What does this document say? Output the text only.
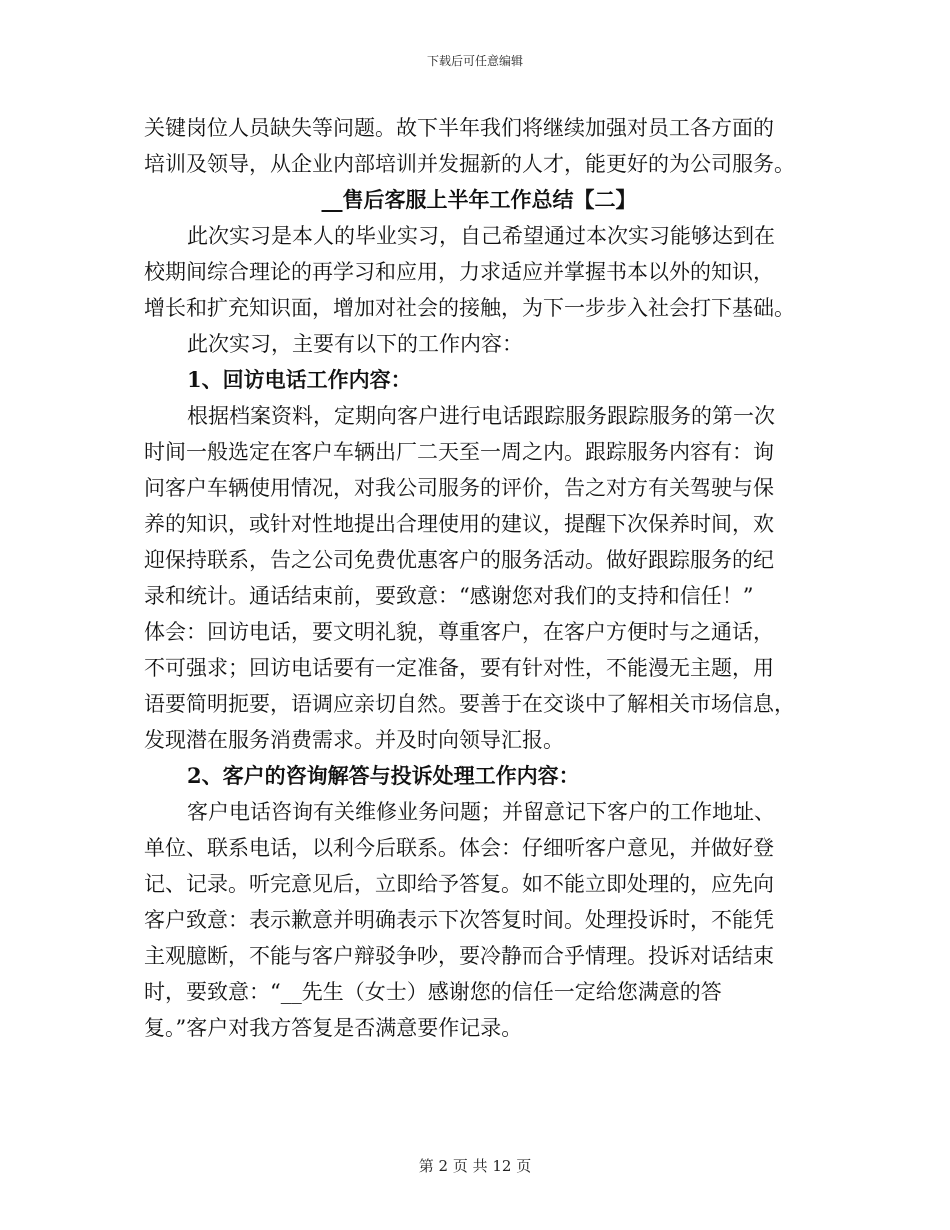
下载后可任意编辑
关键岗位人员缺失等问题。故下半年我们将继续加强对员工各方面的
培训及领导，从企业内部培训并发掘新的人才，能更好的为公司服务。
__售后客服上半年工作总结【二】
此次实习是本人的毕业实习，自己希望通过本次实习能够达到在
校期间综合理论的再学习和应用，力求适应并掌握书本以外的知识，
增长和扩充知识面，增加对社会的接触，为下一步步入社会打下基础。
此次实习，主要有以下的工作内容：
1、回访电话工作内容：
根据档案资料，定期向客户进行电话跟踪服务跟踪服务的第一次
时间一般选定在客户车辆出厂二天至一周之内。跟踪服务内容有：询
问客户车辆使用情况，对我公司服务的评价，告之对方有关驾驶与保
养的知识，或针对性地提出合理使用的建议，提醒下次保养时间，欢
迎保持联系，告之公司免费优惠客户的服务活动。做好跟踪服务的纪
录和统计。通话结束前，要致意：“感谢您对我们的支持和信任！”
体会：回访电话，要文明礼貌，尊重客户，在客户方便时与之通话，
不可强求；回访电话要有一定准备，要有针对性，不能漫无主题，用
语要简明扼要，语调应亲切自然。要善于在交谈中了解相关市场信息，
发现潜在服务消费需求。并及时向领导汇报。
2、客户的咨询解答与投诉处理工作内容：
客户电话咨询有关维修业务问题；并留意记下客户的工作地址、
单位、联系电话，以利今后联系。体会：仔细听客户意见，并做好登
记、记录。听完意见后，立即给予答复。如不能立即处理的，应先向
客户致意：表示歉意并明确表示下次答复时间。处理投诉时，不能凭
主观臆断，不能与客户辩驳争吵，要冷静而合乎情理。投诉对话结束
时，要致意：“__先生（女士）感谢您的信任一定给您满意的答
复。”客户对我方答复是否满意要作记录。
第 2 页 共 12 页
